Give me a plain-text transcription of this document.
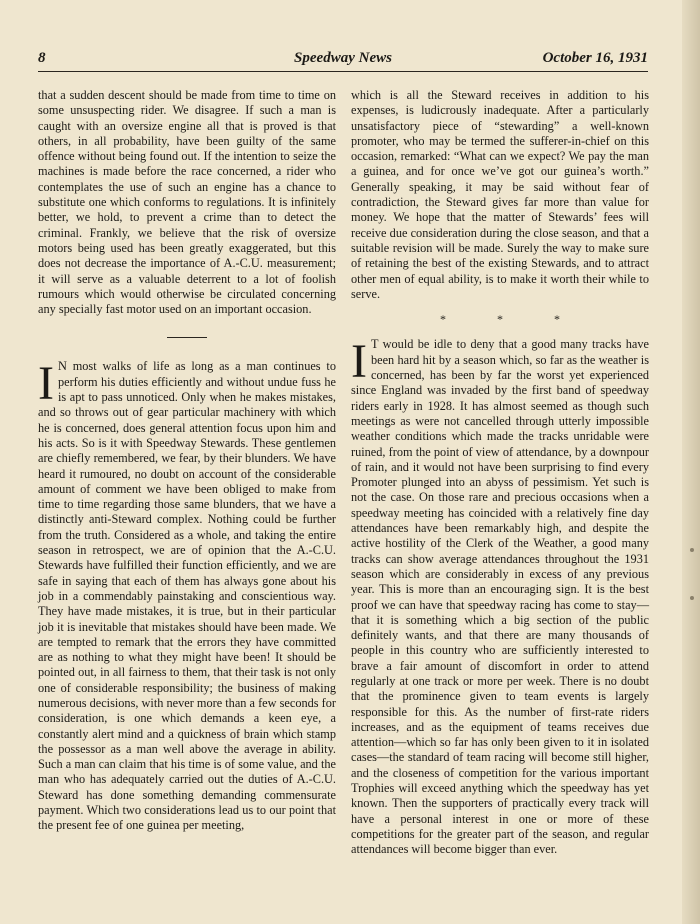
8	Speedway News	October 16, 1931

that a sudden descent should be made from time to time on some unsuspecting rider. We disagree. If such a man is caught with an oversize engine all that is proved is that others, in all probability, have been guilty of the same offence without being found out. If the intention to seize the machines is made before the race concerned, a rider who contemplates the use of such an engine has a chance to substitute one which conforms to regulations. It is infinitely better, we hold, to prevent a crime than to detect the criminal. Frankly, we believe that the risk of oversize motors being used has been greatly exaggerated, but this does not decrease the importance of A.-C.U. measurement; it will serve as a valuable deterrent to a lot of foolish rumours which would otherwise be circulated concerning any specially fast motor used on an important occasion.

I N most walks of life as long as a man continues to perform his duties efficiently and without undue fuss he is apt to pass unnoticed. Only when he makes mistakes, and so throws out of gear particular machinery with which he is concerned, does general attention focus upon him and his acts. So is it with Speedway Stewards. These gentlemen are chiefly remembered, we fear, by their blunders. We have heard it rumoured, no doubt on account of the considerable amount of comment we have been obliged to make from time to time regarding those same blunders, that we have a distinctly anti-Steward complex. Nothing could be further from the truth. Considered as a whole, and taking the entire season in retrospect, we are of opinion that the A.-C.U. Stewards have fulfilled their function efficiently, and we are safe in saying that each of them has always gone about his job in a commendably painstaking and conscientious way. They have made mistakes, it is true, but in their particular job it is inevitable that mistakes should have been made. We are tempted to remark that the errors they have committed are as nothing to what they might have been! It should be pointed out, in all fairness to them, that their task is not only one of considerable responsibility; the business of making numerous decisions, with never more than a few seconds for consideration, is one which demands a keen eye, a constantly alert mind and a quickness of brain which stamp the possessor as a man well above the average in ability. Such a man can claim that his time is of some value, and the man who has adequately carried out the duties of A.-C.U. Steward has done something demanding commensurate payment. Which two considerations lead us to our point that the present fee of one guinea per meeting,

which is all the Steward receives in addition to his expenses, is ludicrously inadequate. After a particularly unsatisfactory piece of “stewarding” a well-known promoter, who may be termed the sufferer-in-chief on this occasion, remarked: “What can we expect? We pay the man a guinea, and for once we’ve got our guinea’s worth.” Generally speaking, it may be said without fear of contradiction, the Steward gives far more than value for money. We hope that the matter of Stewards’ fees will receive due consideration during the close season, and that a suitable revision will be made. Surely the way to make sure of retaining the best of the existing Stewards, and to attract other men of equal ability, is to make it worth their while to serve.

* * *

I T would be idle to deny that a good many tracks have been hard hit by a season which, so far as the weather is concerned, has been by far the worst yet experienced since England was invaded by the first band of speedway riders early in 1928. It has almost seemed as though such meetings as were not cancelled through utterly impossible weather conditions which made the tracks unridable were ruined, from the point of view of attendance, by a downpour of rain, and it would not have been surprising to find every Promoter plunged into an abyss of pessimism. Yet such is not the case. On those rare and precious occasions when a speedway meeting has coincided with a relatively fine day attendances have been remarkably high, and despite the active hostility of the Clerk of the Weather, a good many tracks can show average attendances throughout the 1931 season which are considerably in excess of any previous year. This is more than an encouraging sign. It is the best proof we can have that speedway racing has come to stay—that it is something which a big section of the public definitely wants, and that there are many thousands of people in this country who are sufficiently interested to brave a fair amount of discomfort in order to attend regularly at one track or more per week. There is no doubt that the prominence given to team events is largely responsible for this. As the number of first-rate riders increases, and as the equipment of teams receives due attention—which so far has only been given to it in isolated cases—the standard of team racing will become still higher, and the closeness of competition for the various important Trophies will exceed anything which the speedway has yet known. Then the supporters of practically every track will have a personal interest in one or more of these competitions for the greater part of the season, and regular attendances will become bigger than ever.
